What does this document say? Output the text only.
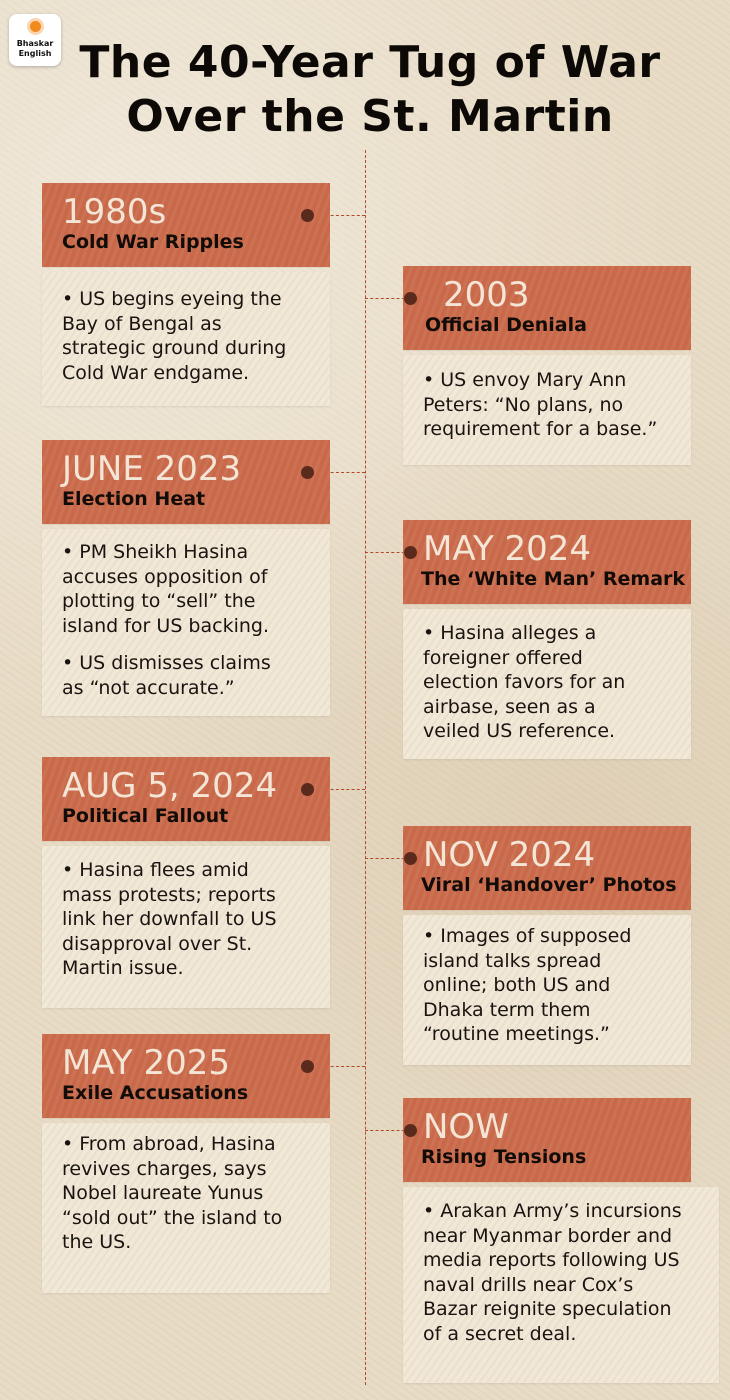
Bhaskar
English The 40-Year Tug of War
Over the St. Martin
1980s
Cold War Ripples

• US begins eyeing the
Bay of Bengal as
strategic ground during
Cold War endgame.

2003
Official Deniala

• US envoy Mary Ann
Peters: “No plans, no
requirement for a base.”

JUNE 2023
Election Heat

• PM Sheikh Hasina
accuses opposition of
plotting to “sell” the
island for US backing.

• US dismisses claims
as “not accurate.”

MAY 2024
The ‘White Man’ Remark

• Hasina alleges a
foreigner offered
election favors for an
airbase, seen as a
veiled US reference.

AUG 5, 2024
Political Fallout

• Hasina flees amid
mass protests; reports
link her downfall to US
disapproval over St.
Martin issue.

NOV 2024
Viral ‘Handover’ Photos

• Images of supposed
island talks spread
online; both US and
Dhaka term them
“routine meetings.”

MAY 2025
Exile Accusations

• From abroad, Hasina
revives charges, says
Nobel laureate Yunus
“sold out” the island to
the US.

NOW
Rising Tensions

• Arakan Army’s incursions
near Myanmar border and
media reports following US
naval drills near Cox’s
Bazar reignite speculation
of a secret deal.
